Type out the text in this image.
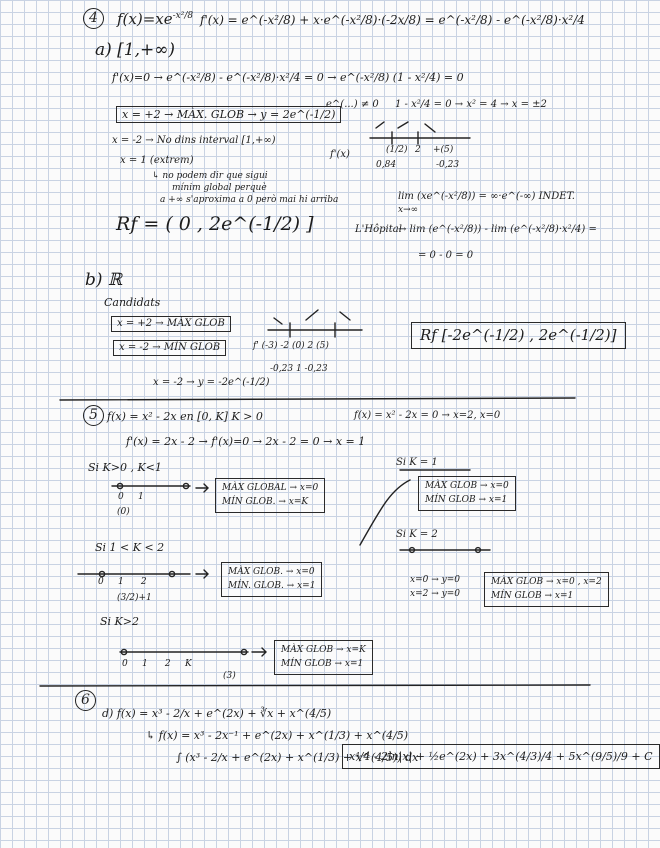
4	$f(x)=xe^{-x^2/8}$ f'(x) = e^(-x²/8) + x·e^(-x²/8)·(-2x/8) = e^(-x²/8) - e^(-x²/8)·x²/4
a) [1,+∞)
f'(x)=0 → e^(-x²/8) - e^(-x²/8)·x²/4 = 0 → e^(-x²/8) (1 - x²/4) = 0
e^(...) ≠ 0 1 - x²/4 = 0 → x² = 4 → x = ±2
x = +2 → MÀX. GLOB → y = 2e^(-1/2)
x = -2 → No dins interval [1,+∞)
x = 1 (extrem)
↳ no podem dir que sigui
mínim global perquè
a +∞ s'aproxima a 0 però mai hi arriba
f'(x)	(1/2)
0,84
2 +(5)
-0,23
lim (xe^(-x²/8)) = ∞·e^(-∞) INDET.
x→∞
L'Hôpital
→ lim (e^(-x²/8)) - lim (e^(-x²/8)·x²/4) =
= 0 - 0 = 0
Rf = ( 0 , 2e^(-1/2) ]
b) ℝ
Candidats
x = +2 → MÀX GLOB
x = -2 → MÍN GLOB
Rf [-2e^(-1/2) , 2e^(-1/2)]
f' (-3) -2 (0) 2 (5)
-0,23 1 -0,23
x = -2 → y = -2e^(-1/2)
5 f(x) = x² - 2x en [0, K] K > 0	f(x) = x² - 2x = 0 → x=2, x=0
f'(x) = 2x - 2 → f'(x)=0 → 2x - 2 = 0 → x = 1
Si K>0 , K<1
MÀX GLOBAL → x=0
MÍN GLOB. → x=K
0     1
(0)
Si K = 1
MÀX GLOB → x=0
MÍN GLOB → x=1
Si 1 < K < 2
MÀX GLOB. → x=0
MÍN. GLOB. → x=1
0     1      2
(3/2)+1
Si K = 2
x=0 → y=0
x=2 → y=0
MÀX GLOB → x=0 , x=2
MÍN GLOB → x=1
Si K>2
MÀX GLOB → x=K
MÍN GLOB → x=1
0     1      2     K
(3)
6
d) f(x) = x³ - 2/x + e^(2x) + ∛x + x^(4/5)
↳ f(x) = x³ - 2x⁻¹ + e^(2x) + x^(1/3) + x^(4/5)
∫ (x³ - 2/x + e^(2x) + x^(1/3) + x^(4/5)) dx
x⁴/4 - 2ln|x| + ½e^(2x) + 3x^(4/3)/4 + 5x^(9/5)/9 + C
